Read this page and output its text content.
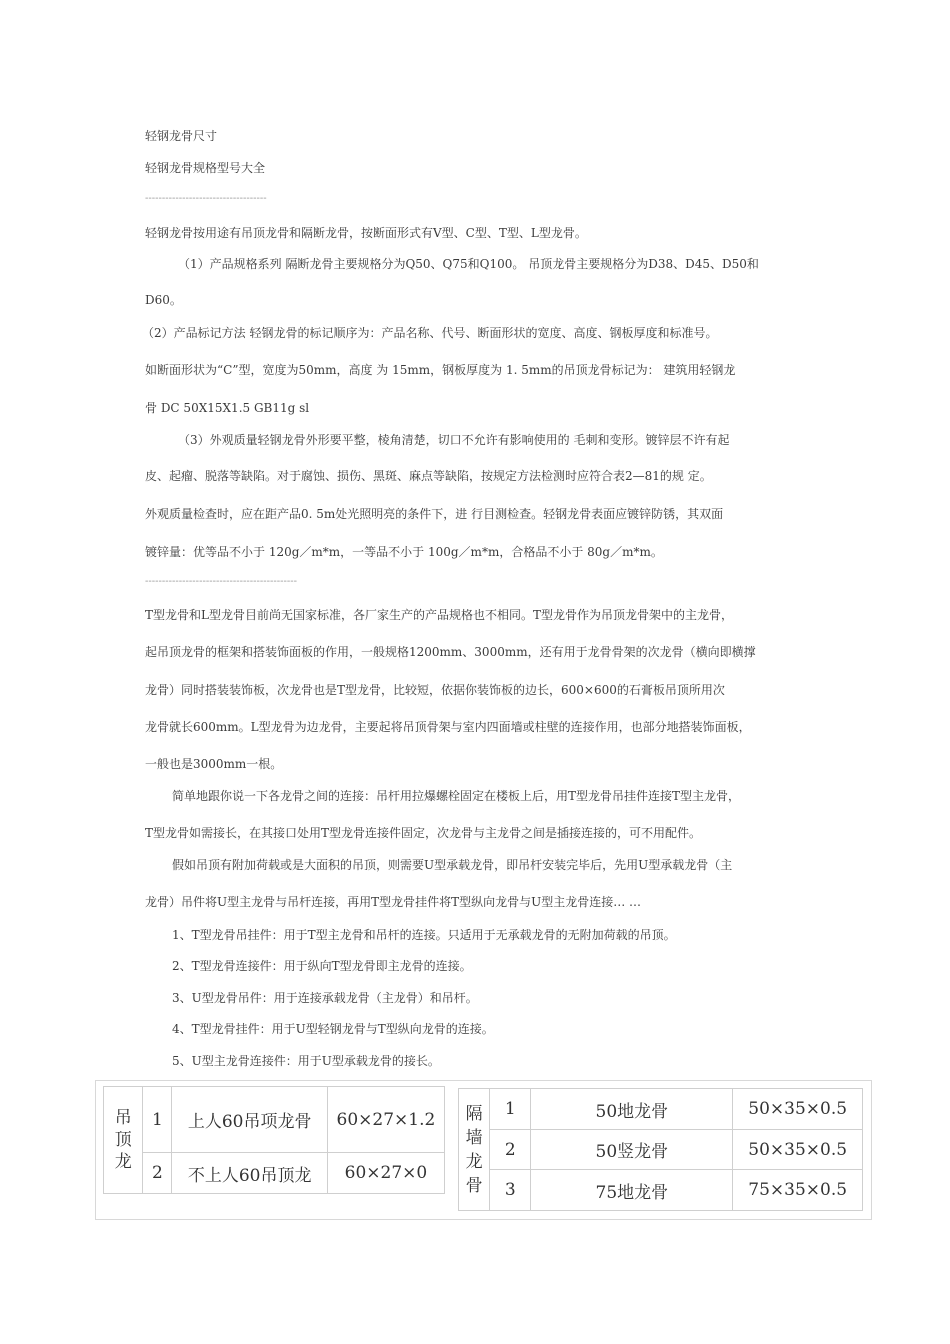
轻钢龙骨尺寸
轻钢龙骨规格型号大全
------------------------------------
轻钢龙骨按用途有吊顶龙骨和隔断龙骨，按断面形式有V型、C型、T型、L型龙骨。
（1）产品规格系列 隔断龙骨主要规格分为Q50、Q75和Q100。 吊顶龙骨主要规格分为D38、D45、D50和
D60。
（2）产品标记方法 轻钢龙骨的标记顺序为：产品名称、代号、断面形状的宽度、高度、钢板厚度和标准号。
如断面形状为“C”型，宽度为50mm，高度 为 15mm，钢板厚度为 1. 5mm的吊顶龙骨标记为： 建筑用轻钢龙
骨 DC 50X15X1.5 GB11g sl
（3）外观质量轻钢龙骨外形要平整，棱角清楚，切口不允许有影响使用的 毛刺和变形。镀锌层不许有起
皮、起瘤、脱落等缺陷。对于腐蚀、损伤、黑斑、麻点等缺陷，按规定方法检测时应符合表2—81的规 定。
外观质量检查时，应在距产品0. 5m处光照明亮的条件下，进 行目测检查。轻钢龙骨表面应镀锌防锈，其双面
镀锌量：优等品不小于 120g／m*m，一等品不小于 100g／m*m，合格品不小于 80g／m*m。
---------------------------------------------
T型龙骨和L型龙骨目前尚无国家标准，各厂家生产的产品规格也不相同。T型龙骨作为吊顶龙骨架中的主龙骨，
起吊顶龙骨的框架和搭装饰面板的作用，一般规格1200mm、3000mm，还有用于龙骨骨架的次龙骨（横向即横撑
龙骨）同时搭装装饰板，次龙骨也是T型龙骨，比较短，依据你装饰板的边长，600×600的石膏板吊顶所用次
龙骨就长600mm。L型龙骨为边龙骨，主要起将吊顶骨架与室内四面墙或柱壁的连接作用，也部分地搭装饰面板，
一般也是3000mm一根。
简单地跟你说一下各龙骨之间的连接：吊杆用拉爆螺栓固定在楼板上后，用T型龙骨吊挂件连接T型主龙骨，
T型龙骨如需接长，在其接口处用T型龙骨连接件固定，次龙骨与主龙骨之间是插接连接的，可不用配件。
假如吊顶有附加荷载或是大面积的吊顶，则需要U型承载龙骨，即吊杆安装完毕后，先用U型承载龙骨（主
龙骨）吊件将U型主龙骨与吊杆连接，再用T型龙骨挂件将T型纵向龙骨与U型主龙骨连接… …
1、T型龙骨吊挂件：用于T型主龙骨和吊杆的连接。只适用于无承载龙骨的无附加荷载的吊顶。
2、T型龙骨连接件：用于纵向T型龙骨即主龙骨的连接。
3、U型龙骨吊件：用于连接承载龙骨（主龙骨）和吊杆。
4、T型龙骨挂件：用于U型轻钢龙骨与T型纵向龙骨的连接。
5、U型主龙骨连接件：用于U型承载龙骨的接长。
吊顶龙	1	上人60吊项龙骨	60×27×1.2
	2	不上人60吊顶龙	60×27×0
隔墙龙骨	1	50地龙骨	50×35×0.5
	2	50竖龙骨	50×35×0.5
	3	75地龙骨	75×35×0.5
